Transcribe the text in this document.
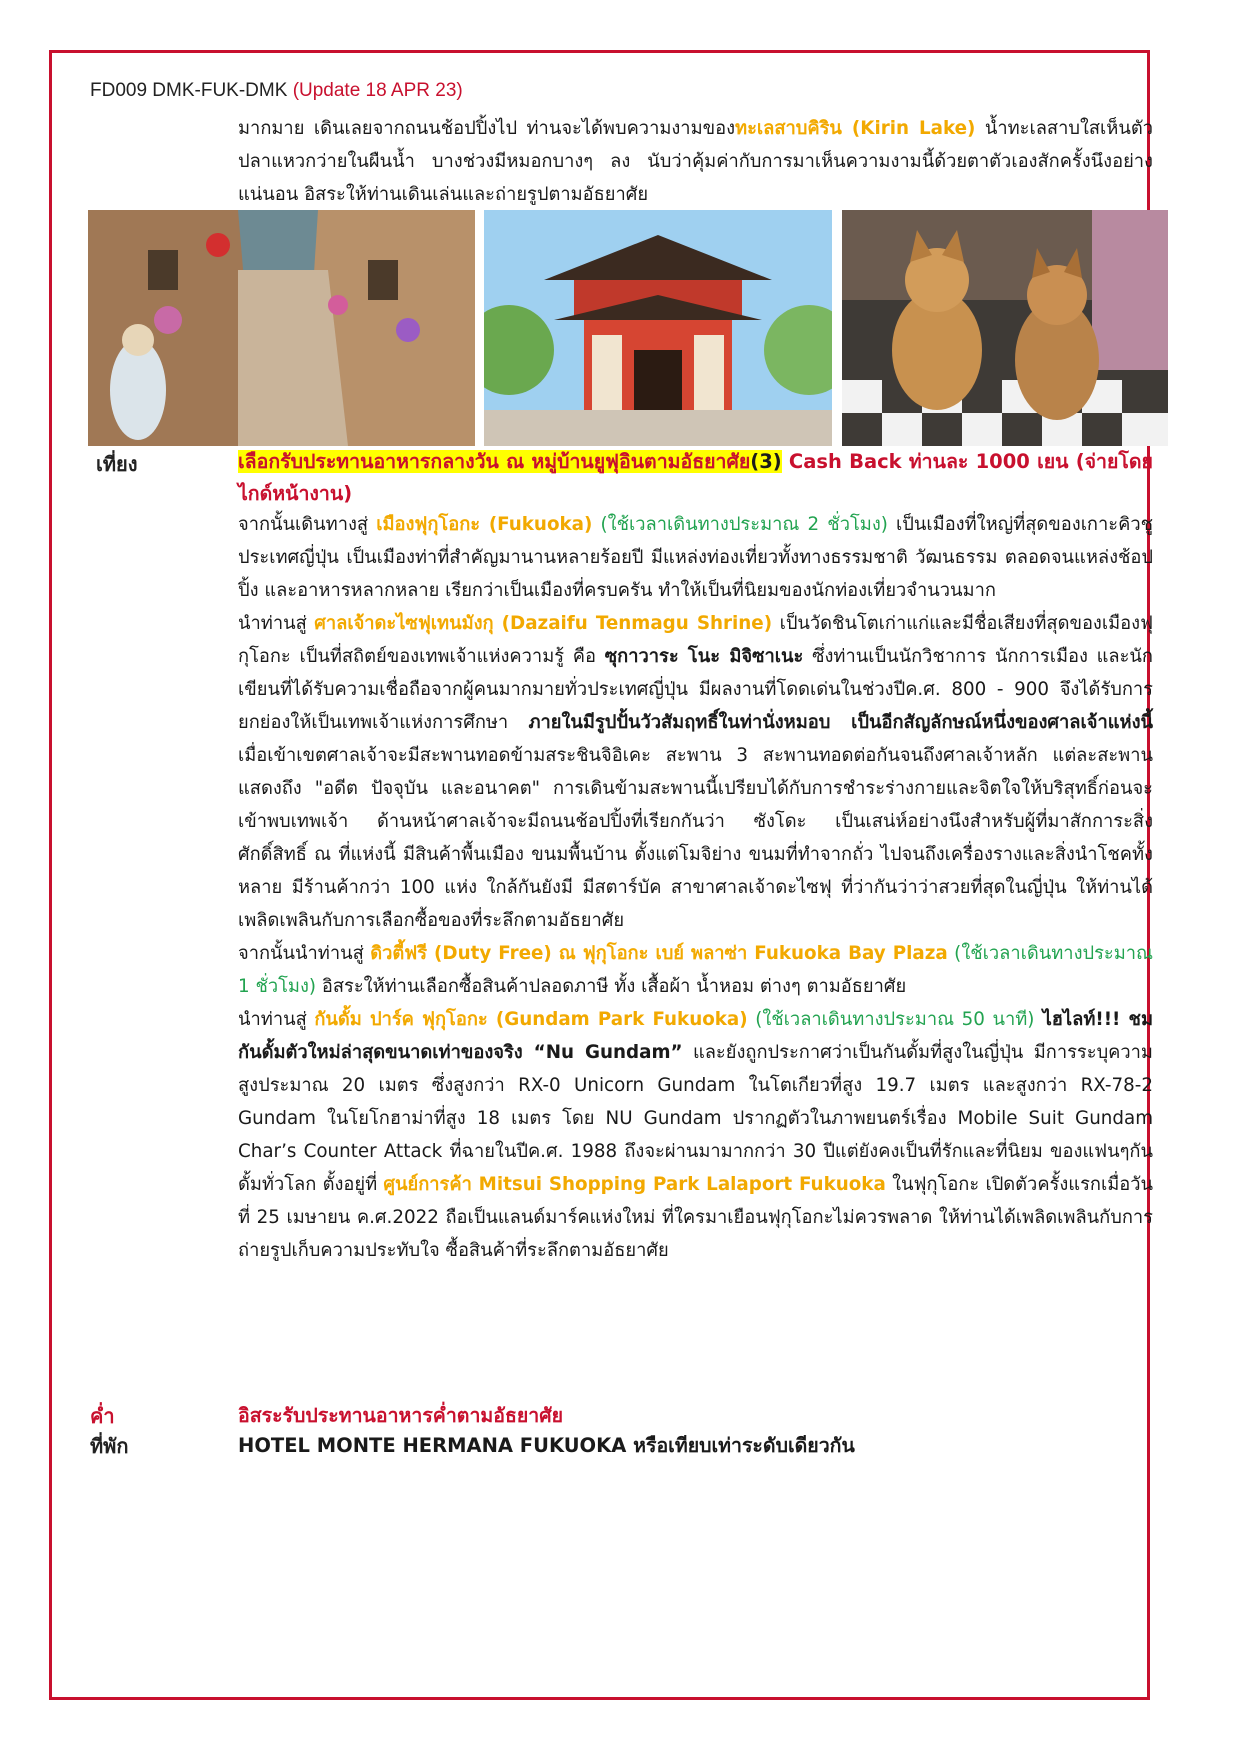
FD009 DMK-FUK-DMK (Update 18 APR 23)
มากมาย เดินเลยจากถนนช้อปปิ้งไป ท่านจะได้พบความงามของทะเลสาบคิริน (Kirin Lake) น้ำทะเลสาบใสเห็นตัวปลาแหวกว่ายในผืนน้ำ บางช่วงมีหมอกบางๆ ลง นับว่าคุ้มค่ากับการมาเห็นความงามนี้ด้วยตาตัวเองสักครั้งนึงอย่างแน่นอน อิสระให้ท่านเดินเล่นและถ่ายรูปตามอัธยาศัย
เที่ยง	เลือกรับประทานอาหารกลางวัน ณ หมู่บ้านยูฟุอินตามอัธยาศัย(3) Cash Back ท่านละ 1000 เยน (จ่ายโดยไกด์หน้างาน)

จากนั้นเดินทางสู่ เมืองฟุกุโอกะ (Fukuoka) (ใช้เวลาเดินทางประมาณ 2 ชั่วโมง) เป็นเมืองที่ใหญ่ที่สุดของเกาะคิวชู ประเทศญี่ปุ่น เป็นเมืองท่าที่สำคัญมานานหลายร้อยปี มีแหล่งท่องเที่ยวทั้งทางธรรมชาติ วัฒนธรรม ตลอดจนแหล่งช้อปปิ้ง และอาหารหลากหลาย เรียกว่าเป็นเมืองที่ครบครัน ทำให้เป็นที่นิยมของนักท่องเที่ยวจำนวนมาก

นำท่านสู่ ศาลเจ้าดะไซฟุเทนมังกุ (Dazaifu Tenmagu Shrine) เป็นวัดชินโตเก่าแก่และมีชื่อเสียงที่สุดของเมืองฟุกุโอกะ เป็นที่สถิตย์ของเทพเจ้าแห่งความรู้ คือ ซุกาวาระ โนะ มิจิซาเนะ ซึ่งท่านเป็นนักวิชาการ นักการเมือง และนักเขียนที่ได้รับความเชื่อถือจากผู้คนมากมายทั่วประเทศญี่ปุ่น มีผลงานที่โดดเด่นในช่วงปีค.ศ. 800 - 900 จึงได้รับการยกย่องให้เป็นเทพเจ้าแห่งการศึกษา ภายในมีรูปปั้นวัวสัมฤทธิ์ในท่านั่งหมอบ เป็นอีกสัญลักษณ์หนึ่งของศาลเจ้าแห่งนี้ เมื่อเข้าเขตศาลเจ้าจะมีสะพานทอดข้ามสระชินจิอิเคะ สะพาน 3 สะพานทอดต่อกันจนถึงศาลเจ้าหลัก แต่ละสะพานแสดงถึง "อดีต ปัจจุบัน และอนาคต" การเดินข้ามสะพานนี้เปรียบได้กับการชำระร่างกายและจิตใจให้บริสุทธิ์ก่อนจะเข้าพบเทพเจ้า ด้านหน้าศาลเจ้าจะมีถนนช้อปปิ้งที่เรียกกันว่า ซังโดะ เป็นเสน่ห์อย่างนึงสำหรับผู้ที่มาสักการะสิ่งศักดิ์สิทธิ์ ณ ที่แห่งนี้ มีสินค้าพื้นเมือง ขนมพื้นบ้าน ตั้งแต่โมจิย่าง ขนมที่ทำจากถั่ว ไปจนถึงเครื่องรางและสิ่งนำโชคทั้งหลาย มีร้านค้ากว่า 100 แห่ง ใกล้กันยังมี มีสตาร์บัค สาขาศาลเจ้าดะไซฟุ ที่ว่ากันว่าว่าสวยที่สุดในญี่ปุ่น ให้ท่านได้เพลิดเพลินกับการเลือกซื้อของที่ระลึกตามอัธยาศัย

จากนั้นนำท่านสู่ ดิวตี้ฟรี (Duty Free) ณ ฟุกุโอกะ เบย์ พลาซ่า Fukuoka Bay Plaza (ใช้เวลาเดินทางประมาณ 1 ชั่วโมง) อิสระให้ท่านเลือกซื้อสินค้าปลอดภาษี ทั้ง เสื้อผ้า น้ำหอม ต่างๆ ตามอัธยาศัย

นำท่านสู่ กันดั้ม ปาร์ค ฟุกุโอกะ (Gundam Park Fukuoka) (ใช้เวลาเดินทางประมาณ 50 นาที) ไฮไลท์!!! ชม กันดั้มตัวใหม่ล่าสุดขนาดเท่าของจริง “Nu Gundam” และยังถูกประกาศว่าเป็นกันดั้มที่สูงในญี่ปุ่น มีการระบุความสูงประมาณ 20 เมตร ซึ่งสูงกว่า RX-0 Unicorn Gundam ในโตเกียวที่สูง 19.7 เมตร และสูงกว่า RX-78-2 Gundam ในโยโกฮาม่าที่สูง 18 เมตร โดย NU Gundam ปรากฏตัวในภาพยนตร์เรื่อง Mobile Suit Gundam Char’s Counter Attack ที่ฉายในปีค.ศ. 1988 ถึงจะผ่านมามากกว่า 30 ปีแต่ยังคงเป็นที่รักและที่นิยม ของแฟนๆกันดั้มทั่วโลก ตั้งอยู่ที่ ศูนย์การค้า Mitsui Shopping Park Lalaport Fukuoka ในฟุกุโอกะ เปิดตัวครั้งแรกเมื่อวันที่ 25 เมษายน ค.ศ.2022 ถือเป็นแลนด์มาร์คแห่งใหม่ ที่ใครมาเยือนฟุกุโอกะไม่ควรพลาด ให้ท่านได้เพลิดเพลินกับการถ่ายรูปเก็บความประทับใจ ซื้อสินค้าที่ระลึกตามอัธยาศัย

ค่ำ	อิสระรับประทานอาหารค่ำตามอัธยาศัย
ที่พัก	HOTEL MONTE HERMANA FUKUOKA หรือเทียบเท่าระดับเดียวกัน
